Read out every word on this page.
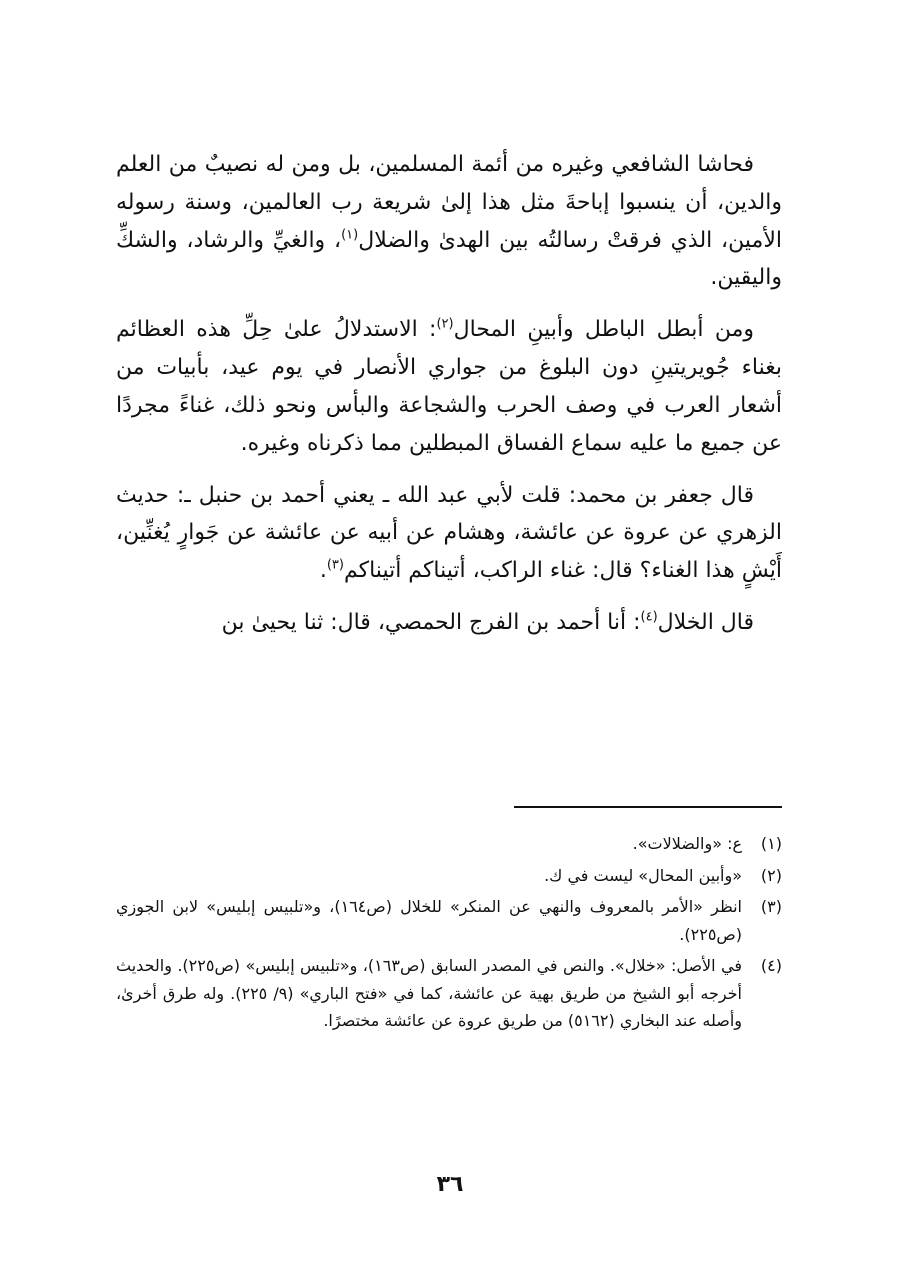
فحاشا الشافعي وغيره من أئمة المسلمين، بل ومن له نصيبٌ من العلم والدين، أن ينسبوا إباحةَ مثل هذا إلىٰ شريعة رب العالمين، وسنة رسوله الأمين، الذي فرقتْ رسالتُه بين الهدىٰ والضلال$^{(١)}$، والغيِّ والرشاد، والشكِّ واليقين.

ومن أبطل الباطل وأبينِ المحال$^{(٢)}$: الاستدلالُ علىٰ حِلِّ هذه العظائم بغناء جُويريتينِ دون البلوغ من جواري الأنصار في يوم عيد، بأبيات من أشعار العرب في وصف الحرب والشجاعة والبأس ونحو ذلك، غناءً مجردًا عن جميع ما عليه سماع الفساق المبطلين مما ذكرناه وغيره.

قال جعفر بن محمد: قلت لأبي عبد الله ـ يعني أحمد بن حنبل ـ: حديث الزهري عن عروة عن عائشة، وهشام عن أبيه عن عائشة عن جَوارٍ يُغنِّين، أَيْشٍ هذا الغناء؟ قال: غناء الراكب، أتيناكم أتيناكم$^{(٣)}$.

قال الخلال$^{(٤)}$: أنا أحمد بن الفرج الحمصي، قال: ثنا يحيىٰ بن

(١)
ع: «والضلالات».
(٢)
«وأبين المحال» ليست في ك.
(٣)
انظر «الأمر بالمعروف والنهي عن المنكر» للخلال (ص١٦٤)، و«تلبيس إبليس» لابن الجوزي (ص٢٢٥).
(٤)
في الأصل: «خلال». والنص في المصدر السابق (ص١٦٣)، و«تلبيس إبليس» (ص٢٢٥). والحديث أخرجه أبو الشيخ من طريق بهية عن عائشة، كما في «فتح الباري» (٩/ ٢٢٥). وله طرق أخرىٰ، وأصله عند البخاري (٥١٦٢) من طريق عروة عن عائشة مختصرًا.
٣٦
